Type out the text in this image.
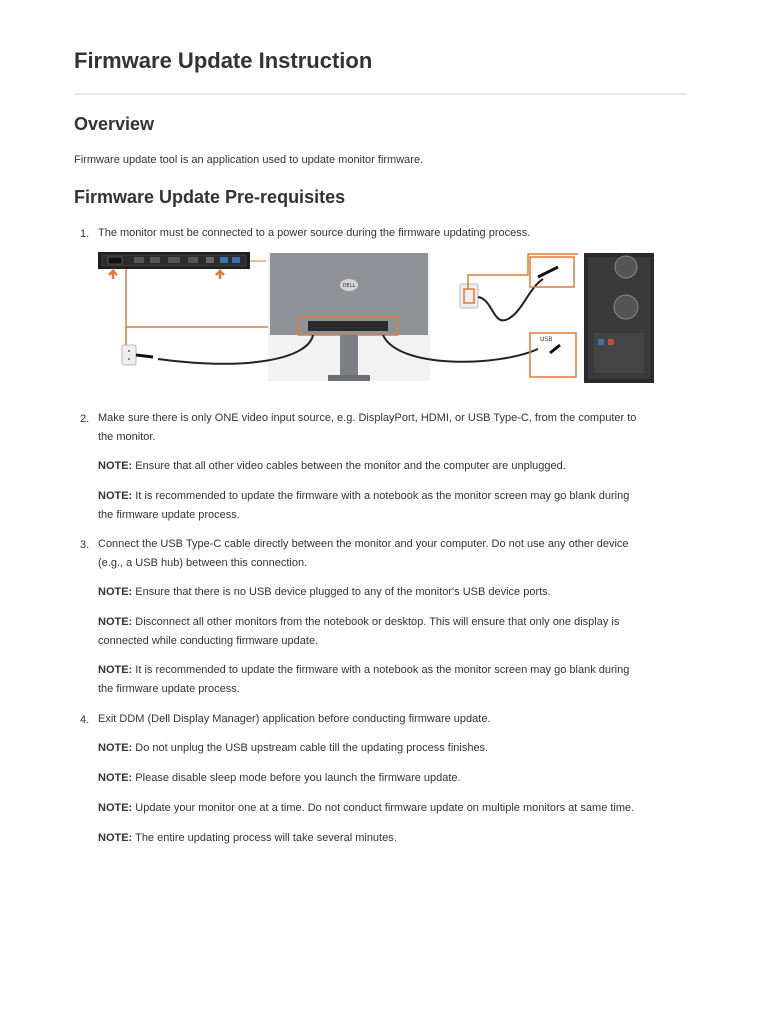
Firmware Update Instruction
Overview

Firmware update tool is an application used to update monitor firmware.

Firmware Update Pre-requisites
1. The monitor must be connected to a power source during the firmware updating process.

DELL
USB
2. Make sure there is only ONE video input source, e.g. DisplayPort, HDMI, or USB Type-C, from the computer to

the monitor.

NOTE: Ensure that all other video cables between the monitor and the computer are unplugged.

NOTE: It is recommended to update the firmware with a notebook as the monitor screen may go blank during

the firmware update process.

3. Connect the USB Type-C cable directly between the monitor and your computer. Do not use any other device

(e.g., a USB hub) between this connection.

NOTE: Ensure that there is no USB device plugged to any of the monitor's USB device ports.

NOTE: Disconnect all other monitors from the notebook or desktop. This will ensure that only one display is

connected while conducting firmware update.

NOTE: It is recommended to update the firmware with a notebook as the monitor screen may go blank during

the firmware update process.

4. Exit DDM (Dell Display Manager) application before conducting firmware update.

NOTE: Do not unplug the USB upstream cable till the updating process finishes.

NOTE: Please disable sleep mode before you launch the firmware update.

NOTE: Update your monitor one at a time. Do not conduct firmware update on multiple monitors at same time.

NOTE: The entire updating process will take several minutes.
